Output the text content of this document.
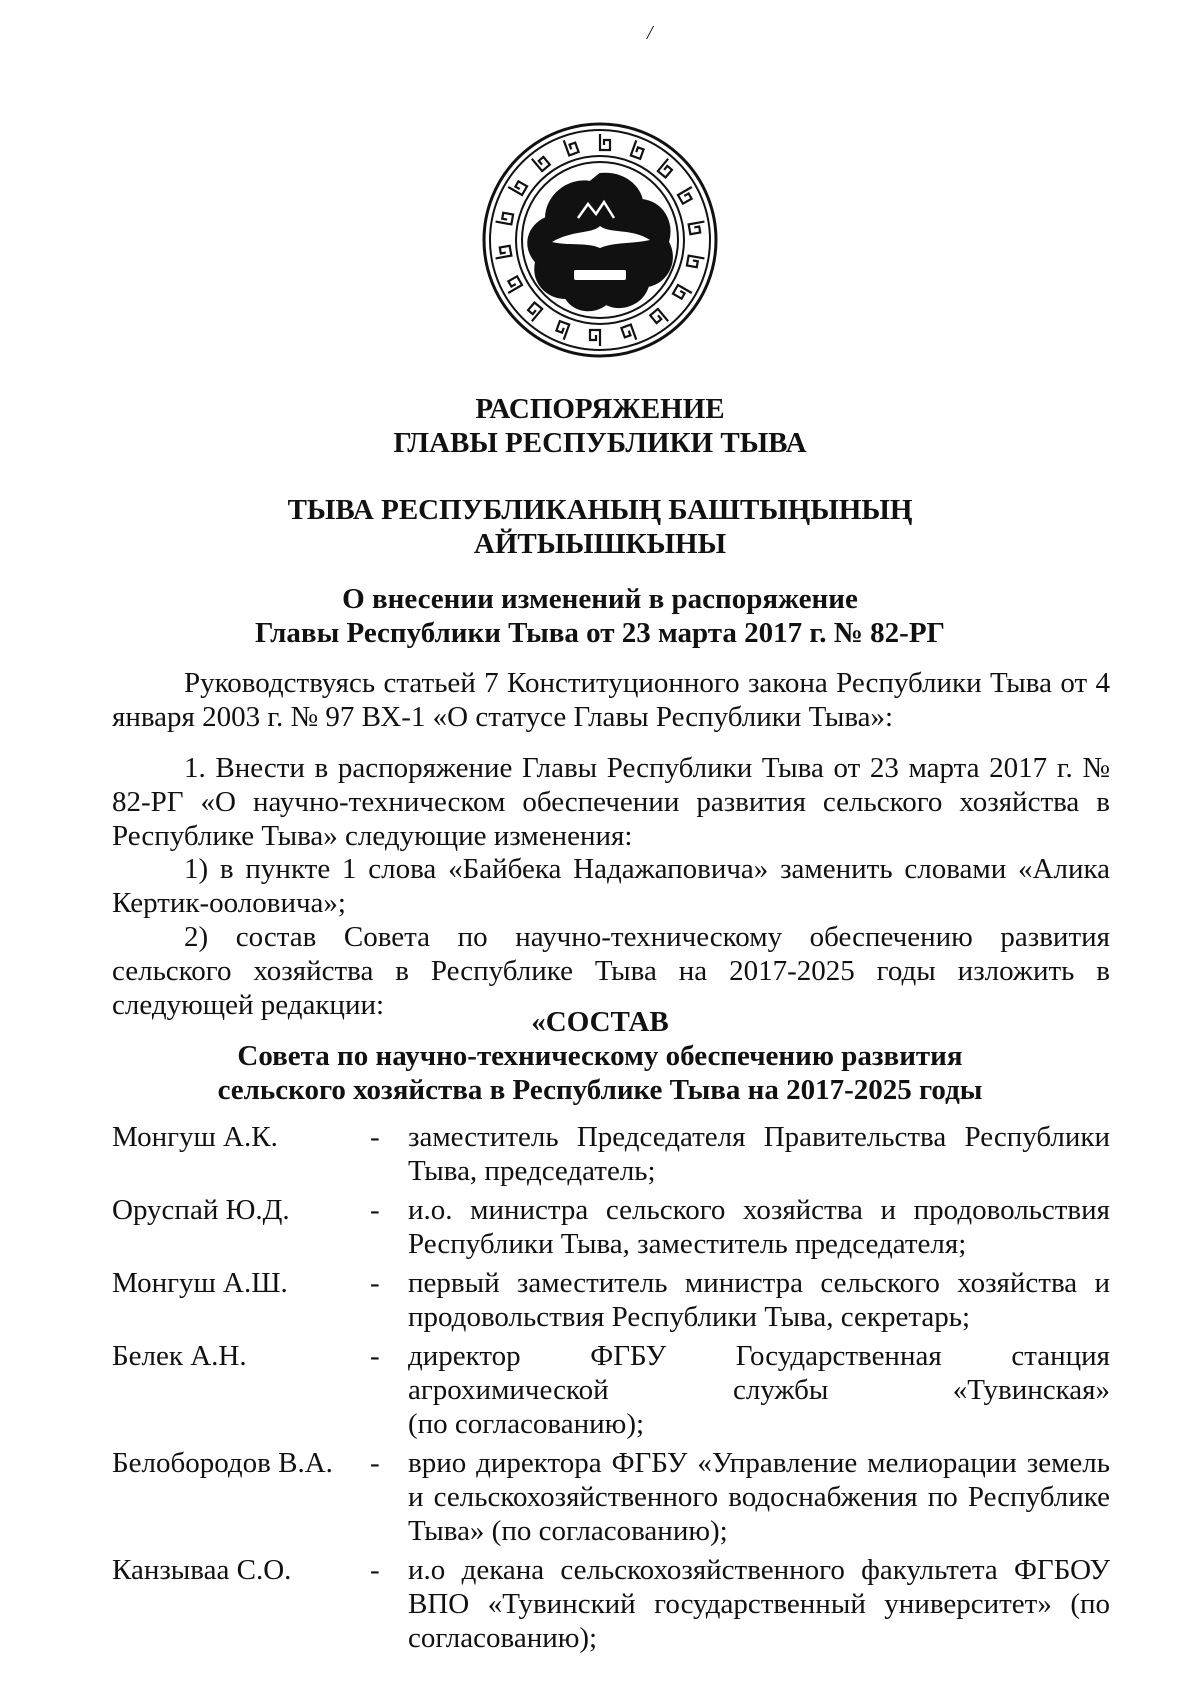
/
РАСПОРЯЖЕНИЕ
ГЛАВЫ РЕСПУБЛИКИ ТЫВА
ТЫВА РЕСПУБЛИКАНЫҢ БАШТЫҢЫНЫҢ
АЙТЫЫШКЫНЫ
О внесении изменений в распоряжение
Главы Республики Тыва от 23 марта 2017 г. № 82-РГ
Руководствуясь статьей 7 Конституционного закона Республики Тыва от 4 января 2003 г. № 97 ВХ-1 «О статусе Главы Республики Тыва»:
1. Внести в распоряжение Главы Республики Тыва от 23 марта 2017 г. № 82-РГ «О научно-техническом обеспечении развития сельского хозяйства в Республике Тыва» следующие изменения:
1) в пункте 1 слова «Байбека Надажаповича» заменить словами «Алика Кертик-ооловича»;
2) состав Совета по научно-техническому обеспечению развития сельского хозяйства в Республике Тыва на 2017-2025 годы изложить в следующей редакции:
«СОСТАВ
Совета по научно-техническому обеспечению развития
сельского хозяйства в Республике Тыва на 2017-2025 годы
Монгуш А.К.	- заместитель Председателя Правительства Республики Тыва, председатель;
Оруспай Ю.Д.	- и.о. министра сельского хозяйства и продовольствия Республики Тыва, заместитель председателя;
Монгуш А.Ш.	- первый заместитель министра сельского хозяйства и продовольствия Республики Тыва, секретарь;
Белек А.Н.	- директор ФГБУ Государственная станция
агрохимической службы «Тувинская»
(по согласованию);
Белобородов В.А.	- врио директора ФГБУ «Управление мелиорации земель и сельскохозяйственного водоснабжения по Республике Тыва» (по согласованию);
Канзываа С.О.	- и.о декана сельскохозяйственного факультета ФГБОУ ВПО «Тувинский государственный университет» (по согласованию);
